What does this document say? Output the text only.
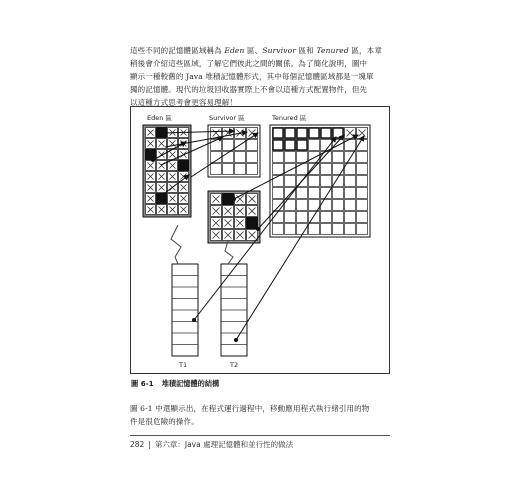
這些不同的記憶體區域稱為 Eden 區、Survivor 區和 Tenured 區，本章
稍後會介紹這些區域，了解它們彼此之間的關係。為了簡化說明，圖中
顯示一種較舊的 Java 堆積記憶體形式，其中每個記憶體區域都是一塊單
獨的記憶體。現代的垃圾回收器實際上不會以這種方式配置物件，但先
以這種方式思考會更容易理解！

Eden 區	Survivor 區	Tenured 區
T1	T2
圖 6-1 堆積記憶體的結構

圖 6-1 中還顯示出，在程式運行過程中，移動應用程式執行緒引用的物
件是很危險的操作。

282 | 第六章：Java 處理記憶體和並行性的做法
